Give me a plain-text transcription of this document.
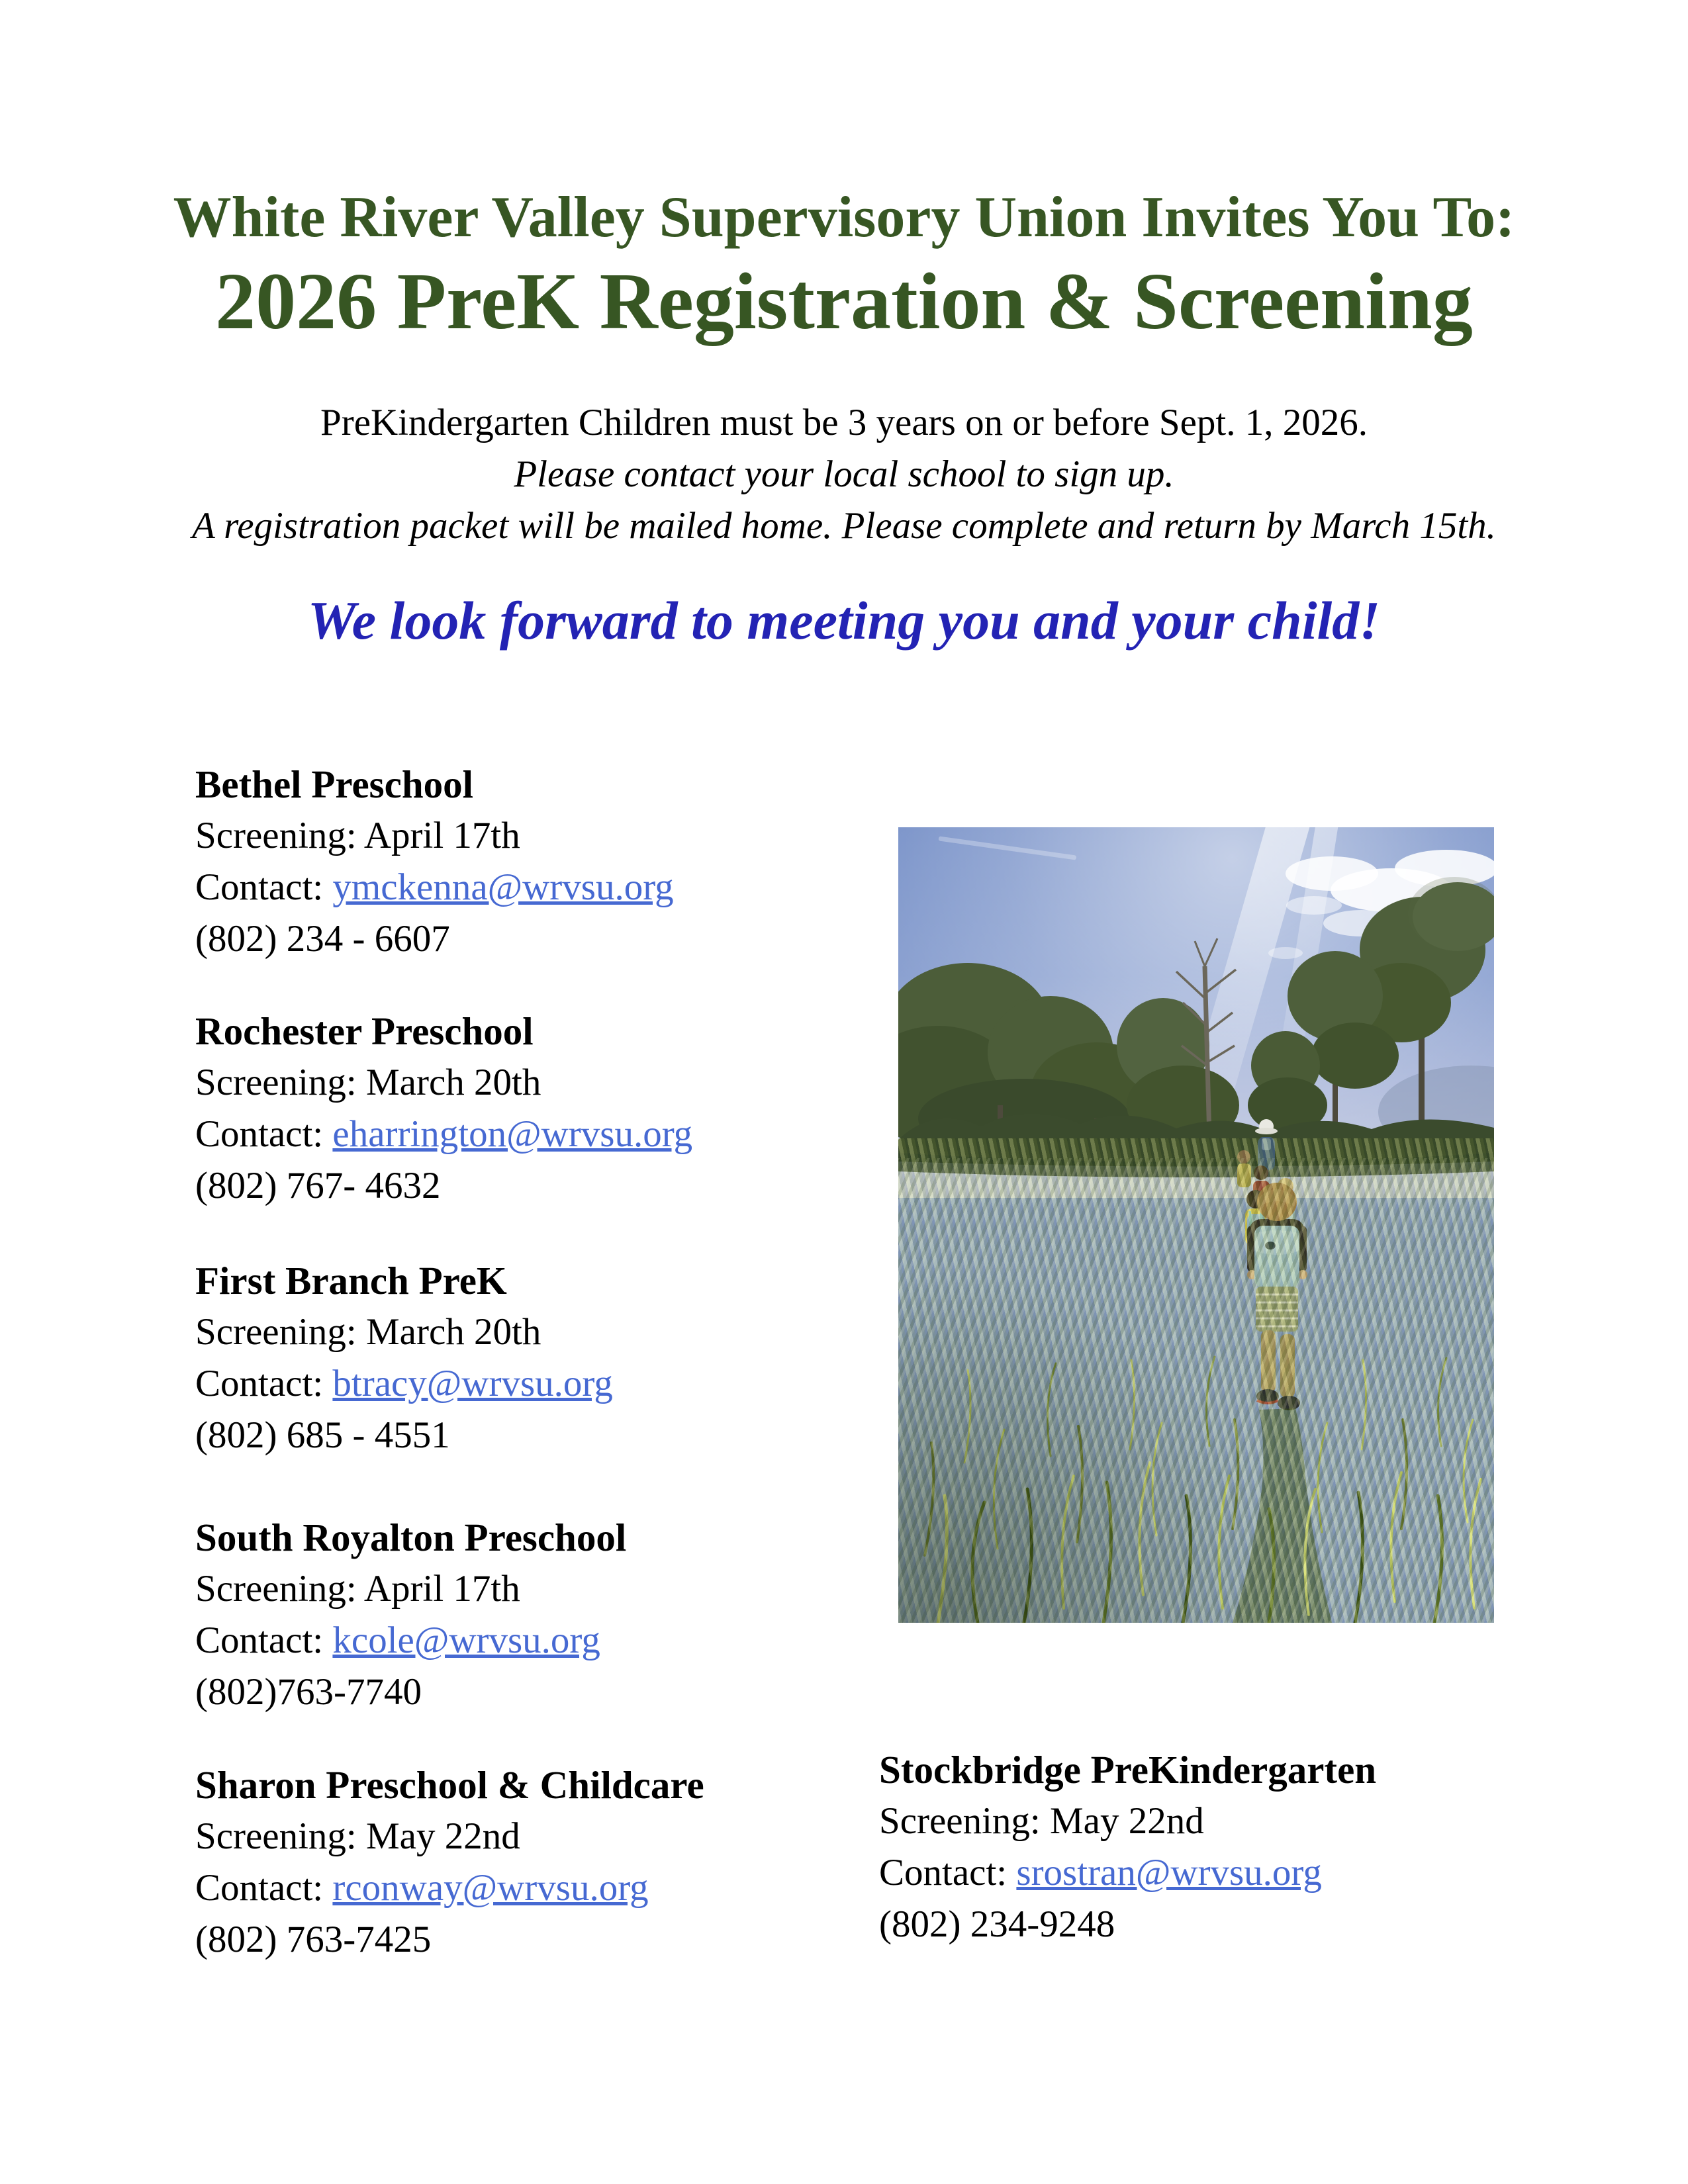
White River Valley Supervisory Union Invites You To:
2026 PreK Registration & Screening
PreKindergarten Children must be 3 years on or before Sept. 1, 2026.
Please contact your local school to sign up.
A registration packet will be mailed home. Please complete and return by March 15th.
We look forward to meeting you and your child!
Bethel Preschool
Screening: April 17th
Contact: ymckenna@wrvsu.org
(802) 234 - 6607
Rochester Preschool
Screening: March 20th
Contact: eharrington@wrvsu.org
(802) 767- 4632
First Branch PreK
Screening: March 20th
Contact: btracy@wrvsu.org
(802) 685 - 4551
South Royalton Preschool
Screening: April 17th
Contact: kcole@wrvsu.org
(802)763-7740
Sharon Preschool & Childcare
Screening: May 22nd
Contact: rconway@wrvsu.org
(802) 763-7425
Stockbridge PreKindergarten
Screening: May 22nd
Contact: srostran@wrvsu.org
(802) 234-9248
